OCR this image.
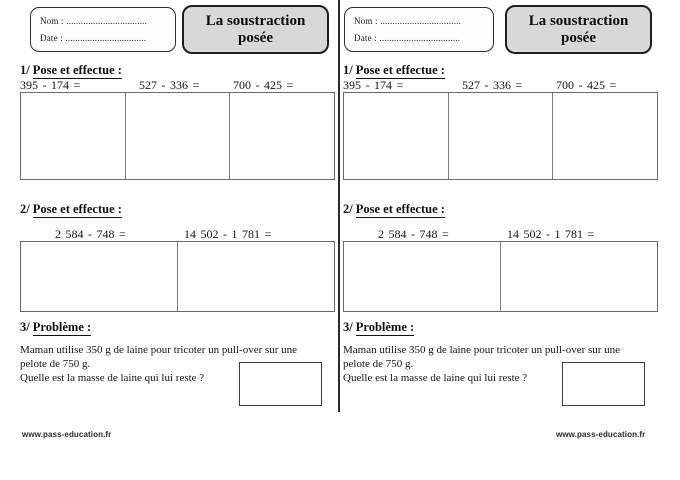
Nom : .................................
Date : .................................
La soustraction posée
1/ Pose et effectue :
395 - 174 =	527 - 336 =	700 - 425 =
2/ Pose et effectue :
2 584 - 748 =	14 502 - 1 781 =
3/ Problème :
Maman utilise 350 g de laine pour tricoter un pull-over sur une
pelote de 750 g.
Quelle est la masse de laine qui lui reste ?
www.pass-education.fr
Nom : .................................
Date : .................................
La soustraction posée
1/ Pose et effectue :
395 - 174 =	527 - 336 =	700 - 425 =
2/ Pose et effectue :
2 584 - 748 =	14 502 - 1 781 =
3/ Problème :
Maman utilise 350 g de laine pour tricoter un pull-over sur une
pelote de 750 g.
Quelle est la masse de laine qui lui reste ?
www.pass-education.fr
